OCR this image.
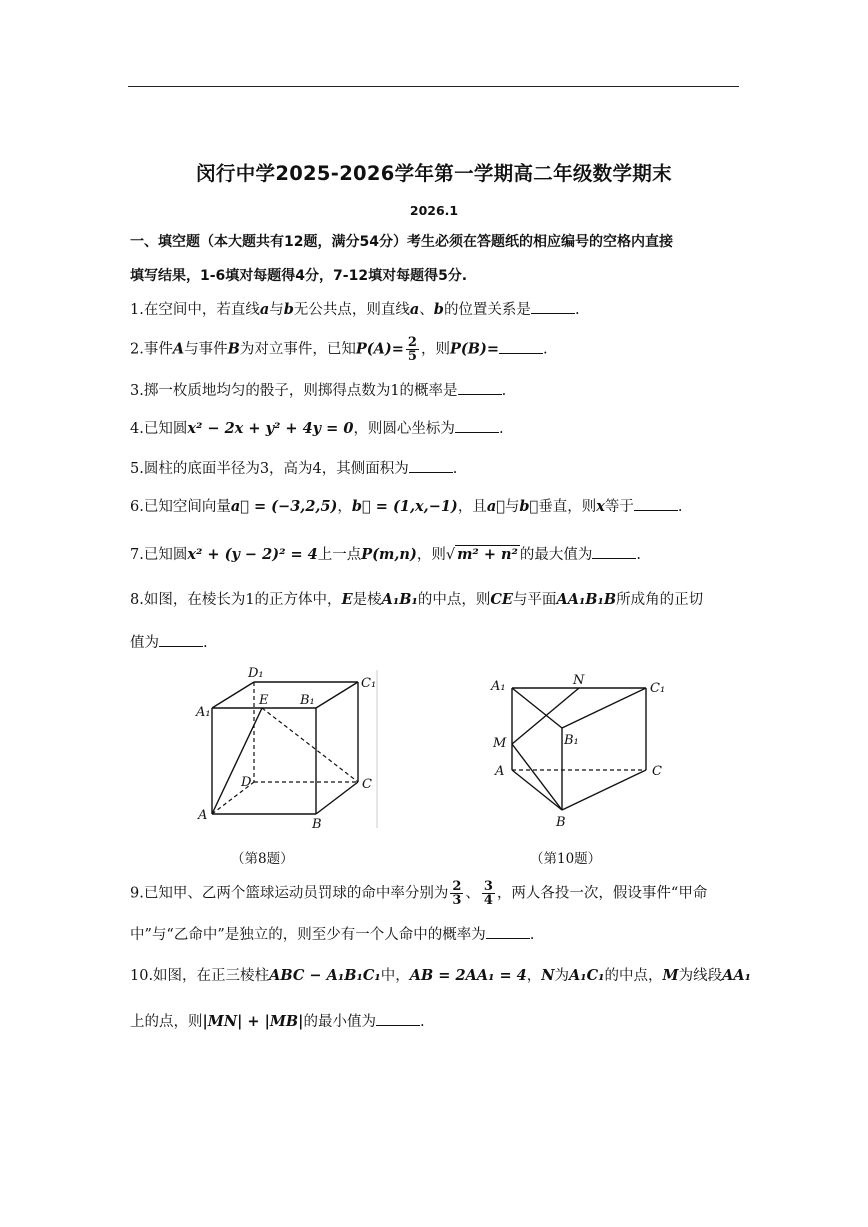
闵行中学2025-2026学年第一学期高二年级数学期末
2026.1
一、填空题（本大题共有12题，满分54分）考生必须在答题纸的相应编号的空格内直接
填写结果，1-6填对每题得4分，7-12填对每题得5分.
1.在空间中，若直线a与b无公共点，则直线a、b的位置关系是	.
2.事件A与事件B为对立事件，已知$P(A)= \frac{2}{5}$ ，则P(B)=	.
3.掷一枚质地均匀的骰子，则掷得点数为1的概率是	.
4.已知圆x² − 2x + y² + 4y = 0，则圆心坐标为	.
5.圆柱的底面半径为3，高为4，其侧面积为	.
6.已知空间向量a⃗ = (−3,2,5)，b⃗ = (1,x,−1)，且a⃗与b⃗垂直，则x等于	.
7.已知圆x² + (y − 2)² = 4上一点P(m,n)，则√ m² + n² 的最大值为	.
8.如图，在棱长为1的正方体中，E是棱A₁B₁的中点，则CE与平面AA₁B₁B所成角的正切
值为	.
D₁
C₁
A₁
E B₁
D	C
A
B
（第8题）
A₁	N
C₁
B₁
M
A	C
B
（第10题）
9.已知甲、乙两个篮球运动员罚球的命中率分别为 $\frac{2}{3}$ 、 $\frac{3}{4}$ ，两人各投一次，假设事件“甲命
中”与“乙命中”是独立的，则至少有一个人命中的概率为	.
10.如图，在正三棱柱ABC − A₁B₁C₁中，AB = 2AA₁ = 4，N为A₁C₁的中点，M为线段AA₁
上的点，则|MN| + |MB|的最小值为	.
